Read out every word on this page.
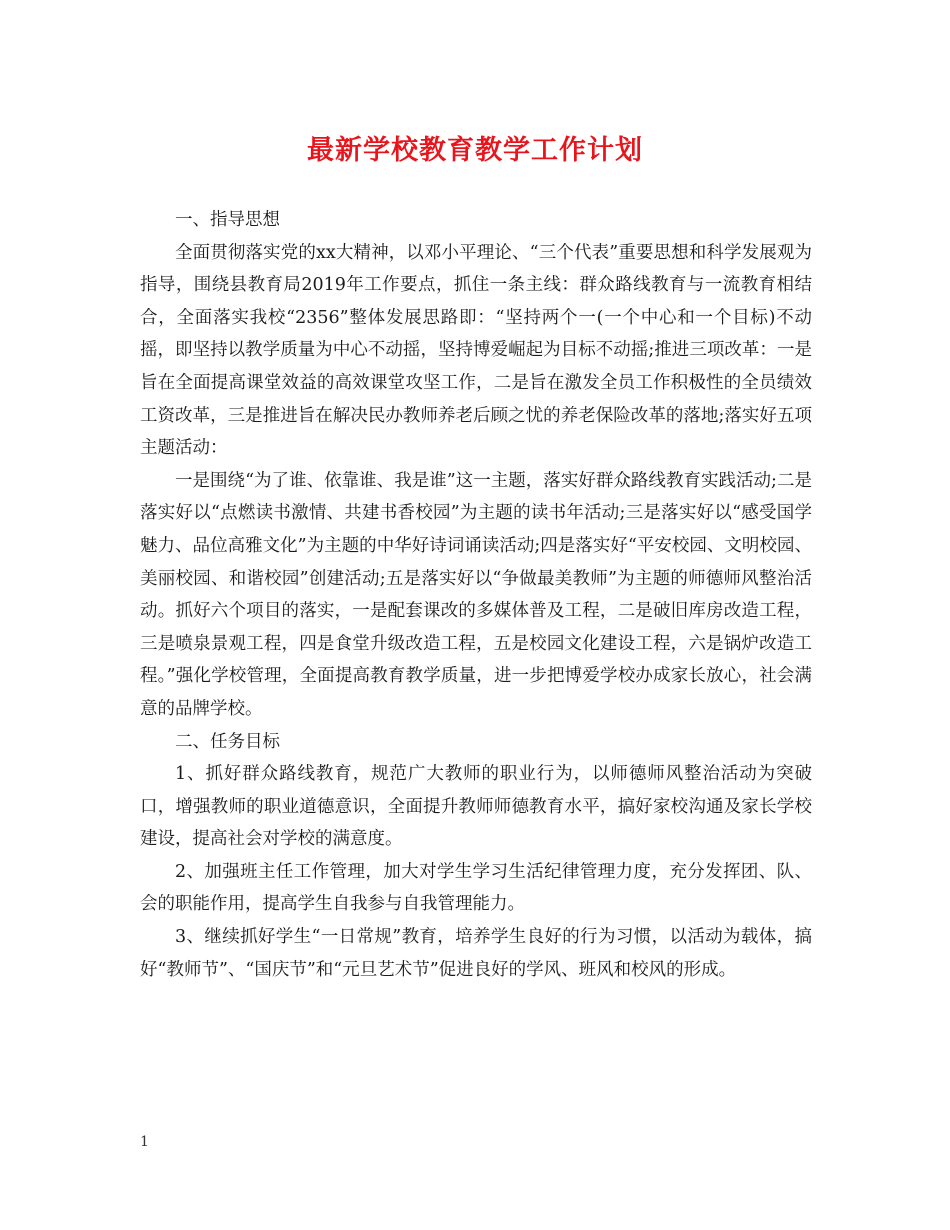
最新学校教育教学工作计划

一、指导思想

全面贯彻落实党的xx大精神，以邓小平理论、“三个代表”重要思想和科学发展观为指导，围绕县教育局2019年工作要点，抓住一条主线：群众路线教育与一流教育相结合，全面落实我校“2356”整体发展思路即：“坚持两个一(一个中心和一个目标)不动摇，即坚持以教学质量为中心不动摇，坚持博爱崛起为目标不动摇;推进三项改革：一是旨在全面提高课堂效益的高效课堂攻坚工作，二是旨在激发全员工作积极性的全员绩效工资改革，三是推进旨在解决民办教师养老后顾之忧的养老保险改革的落地;落实好五项主题活动：

一是围绕“为了谁、依靠谁、我是谁”这一主题，落实好群众路线教育实践活动;二是落实好以“点燃读书激情、共建书香校园”为主题的读书年活动;三是落实好以“感受国学魅力、品位高雅文化”为主题的中华好诗词诵读活动;四是落实好“平安校园、文明校园、美丽校园、和谐校园”创建活动;五是落实好以“争做最美教师”为主题的师德师风整治活动。抓好六个项目的落实，一是配套课改的多媒体普及工程，二是破旧库房改造工程，三是喷泉景观工程，四是食堂升级改造工程，五是校园文化建设工程，六是锅炉改造工程。”强化学校管理，全面提高教育教学质量，进一步把博爱学校办成家长放心，社会满意的品牌学校。

二、任务目标

1、抓好群众路线教育，规范广大教师的职业行为，以师德师风整治活动为突破口，增强教师的职业道德意识，全面提升教师师德教育水平，搞好家校沟通及家长学校建设，提高社会对学校的满意度。

2、加强班主任工作管理，加大对学生学习生活纪律管理力度，充分发挥团、队、会的职能作用，提高学生自我参与自我管理能力。

3、继续抓好学生“一日常规”教育，培养学生良好的行为习惯，以活动为载体，搞好“教师节”、“国庆节”和“元旦艺术节”促进良好的学风、班风和校风的形成。

1
